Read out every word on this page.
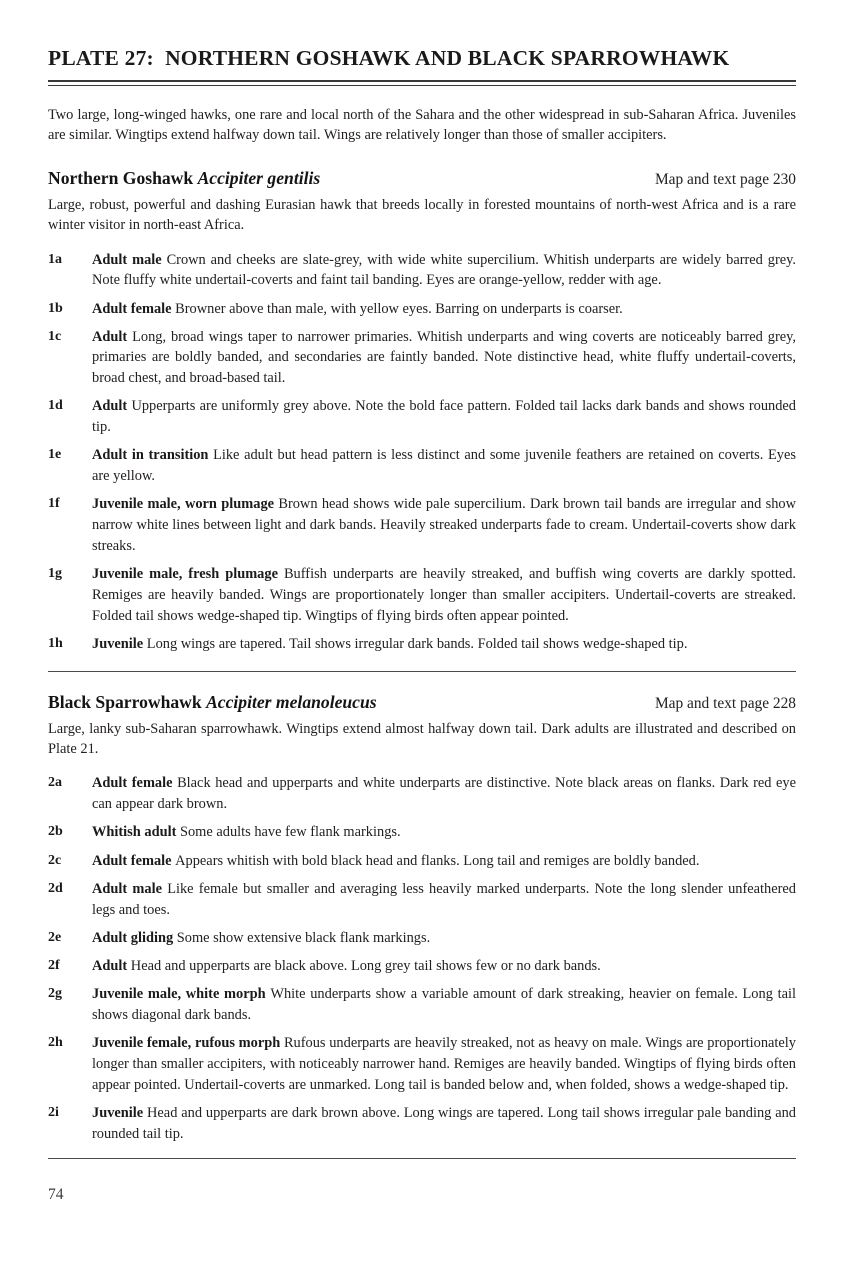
PLATE 27:  NORTHERN GOSHAWK AND BLACK SPARROWHAWK

Two large, long-winged hawks, one rare and local north of the Sahara and the other widespread in sub-Saharan Africa. Juveniles are similar. Wingtips extend halfway down tail. Wings are relatively longer than those of smaller accipiters.

Northern Goshawk Accipiter gentilis	Map and text page 230

Large, robust, powerful and dashing Eurasian hawk that breeds locally in forested mountains of north-west Africa and is a rare winter visitor in north-east Africa.

1a	Adult male Crown and cheeks are slate-grey, with wide white supercilium. Whitish underparts are widely barred grey. Note fluffy white undertail-coverts and faint tail banding. Eyes are orange-yellow, redder with age.
1b	Adult female Browner above than male, with yellow eyes. Barring on underparts is coarser.
1c	Adult Long, broad wings taper to narrower primaries. Whitish underparts and wing coverts are noticeably barred grey, primaries are boldly banded, and secondaries are faintly banded. Note distinctive head, white fluffy undertail-coverts, broad chest, and broad-based tail.
1d	Adult Upperparts are uniformly grey above. Note the bold face pattern. Folded tail lacks dark bands and shows rounded tip.
1e	Adult in transition Like adult but head pattern is less distinct and some juvenile feathers are retained on coverts. Eyes are yellow.
1f	Juvenile male, worn plumage Brown head shows wide pale supercilium. Dark brown tail bands are irregular and show narrow white lines between light and dark bands. Heavily streaked underparts fade to cream. Undertail-coverts show dark streaks.
1g	Juvenile male, fresh plumage Buffish underparts are heavily streaked, and buffish wing coverts are darkly spotted. Remiges are heavily banded. Wings are proportionately longer than smaller accipiters. Undertail-coverts are streaked. Folded tail shows wedge-shaped tip. Wingtips of flying birds often appear pointed.
1h	Juvenile Long wings are tapered. Tail shows irregular dark bands. Folded tail shows wedge-shaped tip.
Black Sparrowhawk Accipiter melanoleucus	Map and text page 228

Large, lanky sub-Saharan sparrowhawk. Wingtips extend almost halfway down tail. Dark adults are illustrated and described on Plate 21.

2a	Adult female Black head and upperparts and white underparts are distinctive. Note black areas on flanks. Dark red eye can appear dark brown.
2b	Whitish adult Some adults have few flank markings.
2c	Adult female Appears whitish with bold black head and flanks. Long tail and remiges are boldly banded.
2d	Adult male Like female but smaller and averaging less heavily marked underparts. Note the long slender unfeathered legs and toes.
2e	Adult gliding Some show extensive black flank markings.
2f	Adult Head and upperparts are black above. Long grey tail shows few or no dark bands.
2g	Juvenile male, white morph White underparts show a variable amount of dark streaking, heavier on female. Long tail shows diagonal dark bands.
2h	Juvenile female, rufous morph Rufous underparts are heavily streaked, not as heavy on male. Wings are proportionately longer than smaller accipiters, with noticeably narrower hand. Remiges are heavily banded. Wingtips of flying birds often appear pointed. Undertail-coverts are unmarked. Long tail is banded below and, when folded, shows a wedge-shaped tip.
2i	Juvenile Head and upperparts are dark brown above. Long wings are tapered. Long tail shows irregular pale banding and rounded tail tip.
74
